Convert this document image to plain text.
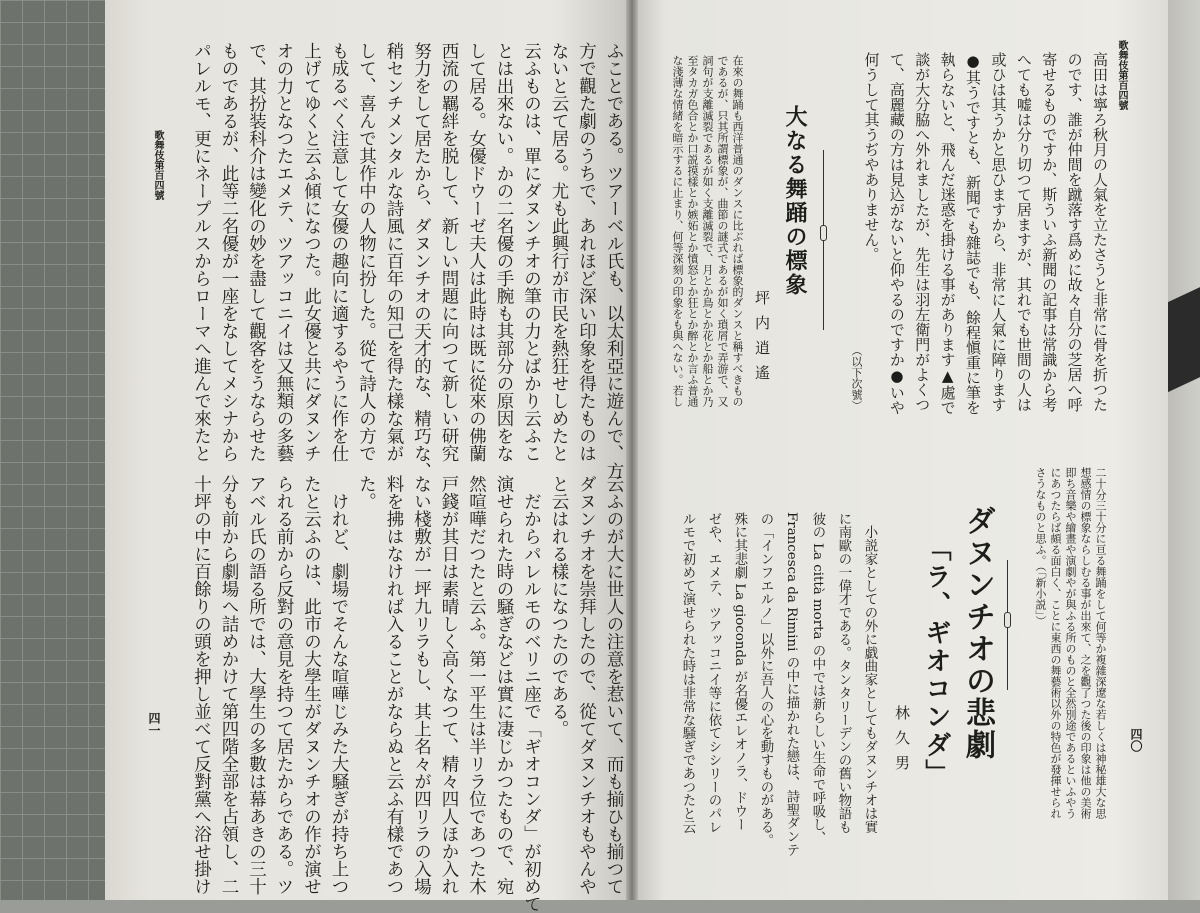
歌舞伎第百四號	ふことである。ツアーベル氏も、以太利亞に遊んで、方
方で觀た劇のうちで、あれほど深い印象を得たものは
ないと云て居る。尤も此興行が市民を熱狂せしめたと
云ふものは、單にダヌンチオの筆の力とばかり云ふこ
とは出來ない。かの二名優の手腕も其部分の原因をな
して居る。女優ドウーゼ夫人は此時は既に從來の佛蘭
西流の羈絆を脱して、新しい問題に向つて新しい研究
努力をして居たから、ダヌンチオの天才的な、精巧な、
稍センチメンタルな詩風に百年の知己を得た樣な氣が
して、喜んで其作中の人物に扮した。從て詩人の方で
も成るべく注意して女優の趣向に適するやうに作を仕
上げてゆくと云ふ傾になつた。此女優と共にダヌンチ
オの力となつたエメテ、ツアッコニイは又無類の多藝
で、其扮装科介は變化の妙を盡して觀客をうならせた
ものであるが、此等二名優が一座をなしてメシナから
パレルモ、更にネープルスからローマへ進んで來たと
云ふのが大に世人の注意を惹いて、而も揃ひも揃つて
ダヌンチオを崇拜したので、從てダヌンチオもやんや
と云はれる樣になつたのである。
　だからパレルモのベリニ座で「ギオコンダ」が初めて
演せられた時の騒ぎなどは實に凄じかつたもので、宛
然喧嘩だつたと云ふ。第一平生は半リラ位であつた木
戸錢が其日は素晴しく高くなつて、精々四人ほか入れ
ない棧敷が一坪九リラもし、其上名々が四リラの入場
料を拂はなければ入ることがならぬと云ふ有樣であつ
た。
　けれど、劇場でそんな喧嘩じみた大騒ぎが持ち上つ
たと云ふのは、此市の大學生がダヌンチオの作が演せ
られる前から反對の意見を持つて居たからである。ツ
アベル氏の語る所では、大學生の多數は幕あきの三十
分も前から劇場へ詰めかけて第四階全部を占領し、二
十坪の中に百餘りの頭を押し並べて反對黨へ浴せ掛け
四一
歌舞伎第百四號
高田は寧ろ秋月の人氣を立たさうと非常に骨を折つた
のです、誰が仲間を蹴落す爲めに故々自分の芝居へ呼
寄せるものですか、斯ういふ新聞の記事は常識から考
へても嘘は分り切つて居ますが、其れでも世間の人は
或ひは其うかと思ひますから、非常に人氣に障ります
●其うですとも、新聞でも雜誌でも、餘程愼重に筆を
執らないと、飛んだ迷惑を掛ける事があります▲處で
談が大分脇へ外れましたが、先生は羽左衛門がよくつ
て、高麗藏の方は見込がないと仰やるのですか●いや
何うして其うぢやありません。
（以下次號）
大なる舞踊の標象
坪内逍遙
在來の舞踊も西洋普通のダンスに比ぶれば標象的ダンスと稱すべきもの
であるが、只其所謂標象が、曲節の謎式であるが如く瑣屑で弄游で、又
詞句が支離滅裂であるが如く支離滅裂で、月とか鳥とか花とか船とか乃
至タカガ色合とか口説摸樣とか嫉妬とか憤怒とか狂とか醉とか言ふ普通
な淺薄な情緒を暗示するに止まり、何等深刻の印象をも與へない。若し
二十分三十分に亘る舞踊をして何等か複雜深遼な若しくは神秘雄大な思
想感情の標象ならしむる事が出來て、之を觀了つた後の印象は他の美術
即ち音樂や繪畫や演劇やが與ふる所のものと全然別途であるといふやう
にあつたらば頗る面白く、ことに東西の舞藝術以外の特色が發揮せられ
さうなものと思ふ。（「新小説」）
四〇
ダヌンチオの悲劇
「ラ、ギオコンダ」
林久男
　小説家としての外に戯曲家としてもダヌンチオは實
に南歐の一偉才である。タンタリーデンの舊い物語も
彼の La città morta の中では新らしい生命で呼吸し、
Francesca da Rimini の中に描かれた戀は、詩聖ダンテ
の「インフエルノ」以外に吾人の心を動すものがある。
殊に其悲劇 La gioconda が名優エレオノラ、ドウー
ゼや、エメテ、ツアッコニイ等に依てシシリーのパレ
ルモで初めて演せられた時は非常な騒ぎであつたと云
